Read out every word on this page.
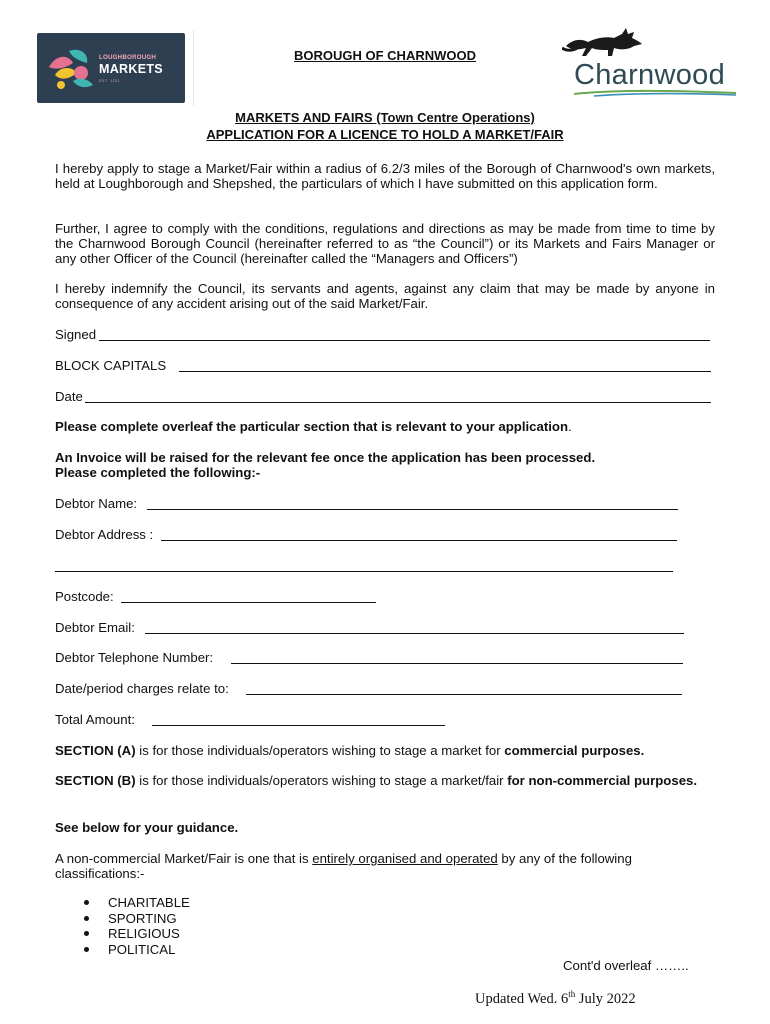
LOUGHBOROUGH
MARKETS
EST. 1221
BOROUGH OF CHARNWOOD
Charnwood
MARKETS AND FAIRS (Town Centre Operations)
APPLICATION FOR A LICENCE TO HOLD A MARKET/FAIR

I hereby apply to stage a Market/Fair within a radius of 6.2/3 miles of the Borough of Charnwood's own markets, held at Loughborough and Shepshed, the particulars of which I have submitted on this application form.

Further, I agree to comply with the conditions, regulations and directions as may be made from time to time by the Charnwood Borough Council (hereinafter referred to as “the Council”) or its Markets and Fairs Manager or any other Officer of the Council (hereinafter called the “Managers and Officers”)

I hereby indemnify the Council, its servants and agents, against any claim that may be made by anyone in consequence of any accident arising out of the said Market/Fair.

Signed
BLOCK CAPITALS
Date
Please complete overleaf the particular section that is relevant to your application.
An Invoice will be raised for the relevant fee once the application has been processed.
Please completed the following:-
Debtor Name:
Debtor Address :
Postcode:
Debtor Email:
Debtor Telephone Number:
Date/period charges relate to:
Total Amount:
SECTION (A) is for those individuals/operators wishing to stage a market for commercial purposes.
SECTION (B) is for those individuals/operators wishing to stage a market/fair for non-commercial purposes.
See below for your guidance.
A non-commercial Market/Fair is one that is entirely organised and operated by any of the following classifications:-
CHARITABLE
SPORTING
RELIGIOUS
POLITICAL
Cont'd overleaf ……..
Updated Wed. 6th July 2022
